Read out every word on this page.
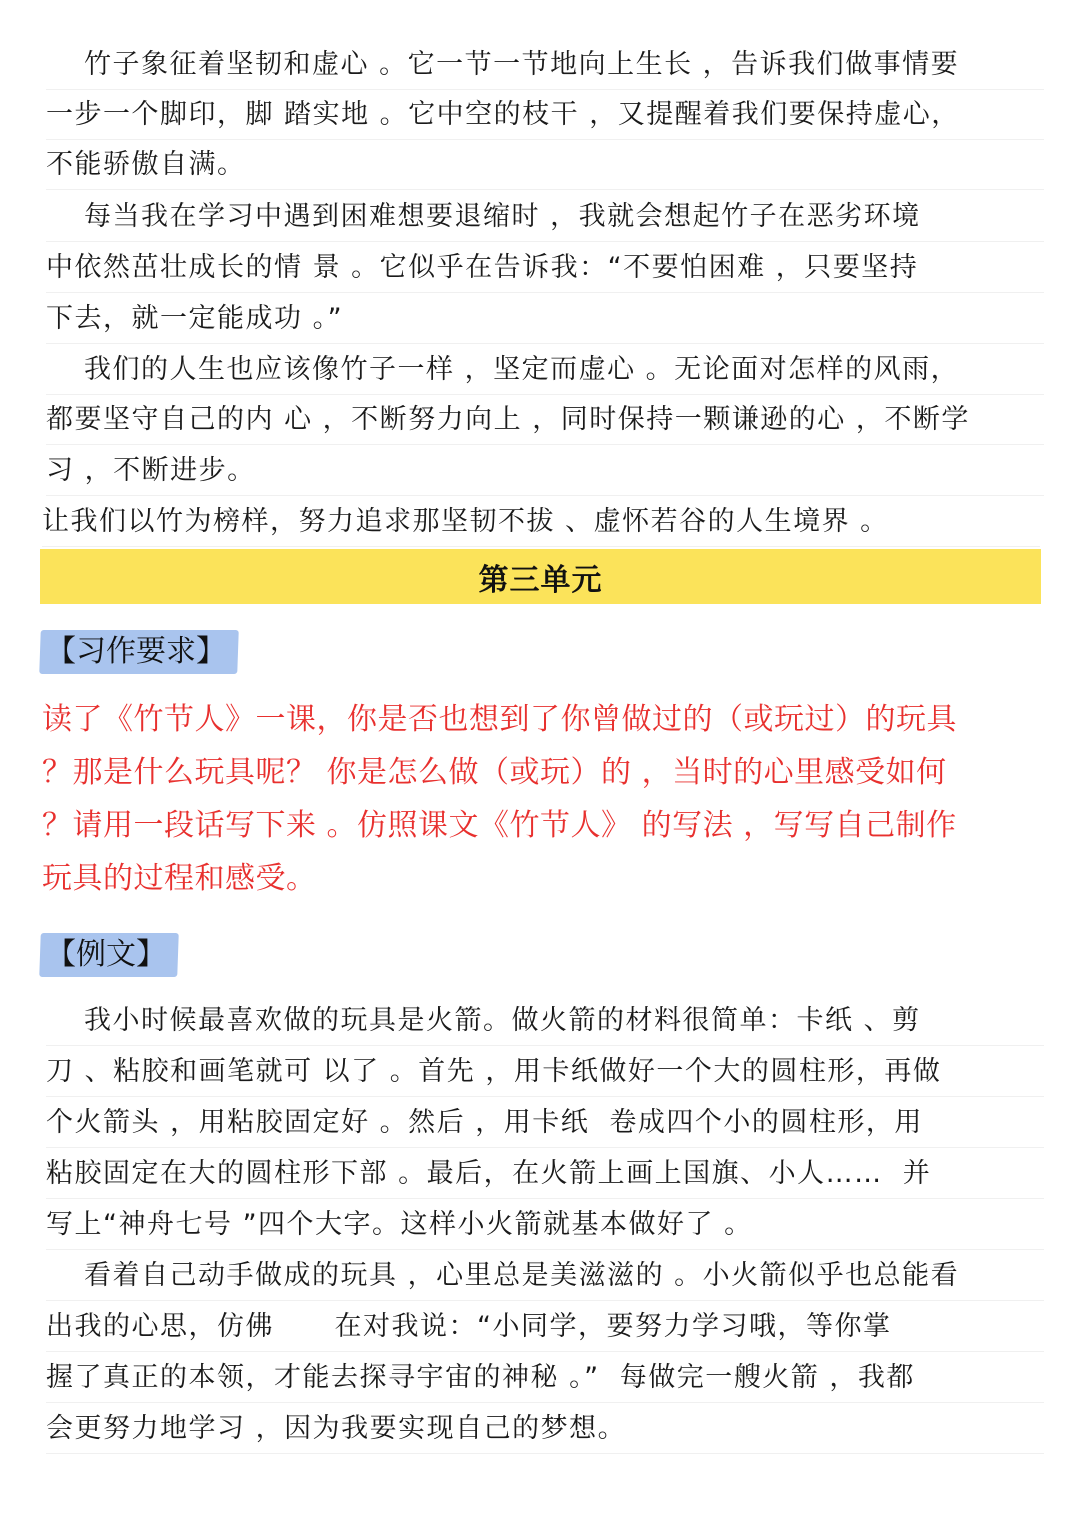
竹子象征着坚韧和虚心 。它一节一节地向上生长 ，告诉我们做事情要
一步一个脚印，脚 踏实地 。它中空的枝干 ，又提醒着我们要保持虚心，
不能骄傲自满。
每当我在学习中遇到困难想要退缩时 ，我就会想起竹子在恶劣环境
中依然茁壮成长的情 景 。它似乎在告诉我：“不要怕困难 ，只要坚持
下去，就一定能成功 。”
我们的人生也应该像竹子一样 ，坚定而虚心 。无论面对怎样的风雨，
都要坚守自己的内 心 ，不断努力向上 ，同时保持一颗谦逊的心 ，不断学
习 ，不断进步。
让我们以竹为榜样，努力追求那坚韧不拔 、虚怀若谷的人生境界 。
第三单元
【习作要求】
读了《竹节人》一课，你是否也想到了你曾做过的（或玩过）的玩具
？那是什么玩具呢？ 你是怎么做（或玩）的 ，当时的心里感受如何
？请用一段话写下来 。仿照课文《竹节人》 的写法 ，写写自己制作
玩具的过程和感受。
【例文】
我小时候最喜欢做的玩具是火箭。做火箭的材料很简单：卡纸 、剪
刀 、粘胶和画笔就可 以了 。首先 ，用卡纸做好一个大的圆柱形，再做
个火箭头 ，用粘胶固定好 。然后 ，用卡纸  卷成四个小的圆柱形，用
粘胶固定在大的圆柱形下部 。最后，在火箭上画上国旗、小人……  并
写上“神舟七号 ”四个大字。这样小火箭就基本做好了 。
看着自己动手做成的玩具 ，心里总是美滋滋的 。小火箭似乎也总能看
出我的心思，仿佛      在对我说：“小同学，要努力学习哦，等你掌
握了真正的本领，才能去探寻宇宙的神秘 。”  每做完一艘火箭 ，我都
会更努力地学习 ，因为我要实现自己的梦想。
